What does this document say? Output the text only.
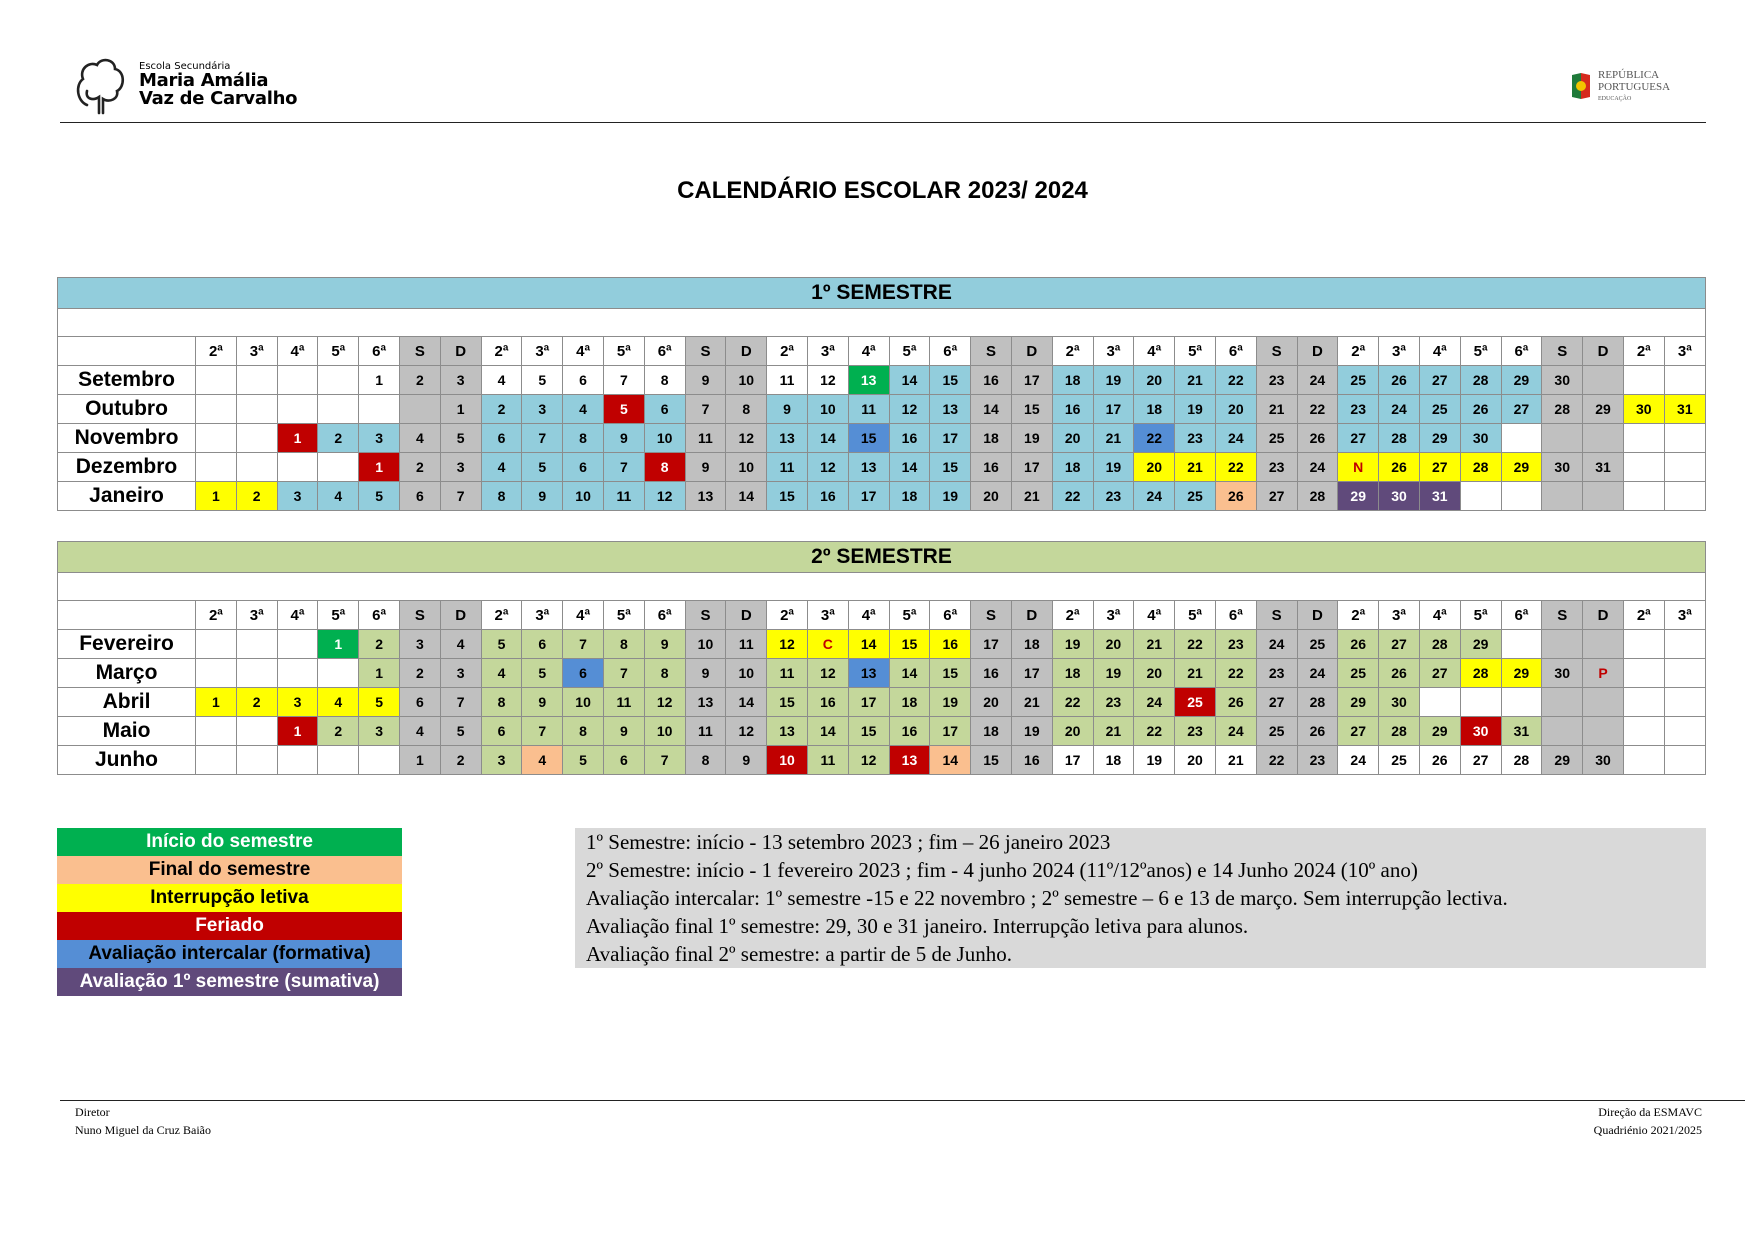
Escola Secundária
Maria Amália
Vaz de Carvalho
REPÚBLICA
PORTUGUESA
EDUCAÇÃO
CALENDÁRIO ESCOLAR 2023/ 2024
1º SEMESTRE																																					

	2ª	3ª	4ª	5ª	6ª	S	D	2ª	3ª	4ª	5ª	6ª	S	D	2ª	3ª	4ª	5ª	6ª	S	D	2ª	3ª	4ª	5ª	6ª	S	D	2ª	3ª	4ª	5ª	6ª	S	D	2ª	3ª
Setembro					1	2	3	4	5	6	7	8	9	10	11	12	13	14	15	16	17	18	19	20	21	22	23	24	25	26	27	28	29	30			
Outubro							1	2	3	4	5	6	7	8	9	10	11	12	13	14	15	16	17	18	19	20	21	22	23	24	25	26	27	28	29	30	31
Novembro			1	2	3	4	5	6	7	8	9	10	11	12	13	14	15	16	17	18	19	20	21	22	23	24	25	26	27	28	29	30					
Dezembro					1	2	3	4	5	6	7	8	9	10	11	12	13	14	15	16	17	18	19	20	21	22	23	24	N	26	27	28	29	30	31		
Janeiro	1	2	3	4	5	6	7	8	9	10	11	12	13	14	15	16	17	18	19	20	21	22	23	24	25	26	27	28	29	30	31						
2º SEMESTRE																																					

	2ª	3ª	4ª	5ª	6ª	S	D	2ª	3ª	4ª	5ª	6ª	S	D	2ª	3ª	4ª	5ª	6ª	S	D	2ª	3ª	4ª	5ª	6ª	S	D	2ª	3ª	4ª	5ª	6ª	S	D	2ª	3ª
Fevereiro				1	2	3	4	5	6	7	8	9	10	11	12	C	14	15	16	17	18	19	20	21	22	23	24	25	26	27	28	29					
Março					1	2	3	4	5	6	7	8	9	10	11	12	13	14	15	16	17	18	19	20	21	22	23	24	25	26	27	28	29	30	P		
Abril	1	2	3	4	5	6	7	8	9	10	11	12	13	14	15	16	17	18	19	20	21	22	23	24	25	26	27	28	29	30							
Maio			1	2	3	4	5	6	7	8	9	10	11	12	13	14	15	16	17	18	19	20	21	22	23	24	25	26	27	28	29	30	31				
Junho						1	2	3	4	5	6	7	8	9	10	11	12	13	14	15	16	17	18	19	20	21	22	23	24	25	26	27	28	29	30		
Início do semestre
Final do semestre
Interrupção letiva
Feriado
Avaliação intercalar (formativa)
Avaliação 1º semestre (sumativa)
1º Semestre: início - 13 setembro 2023 ; fim – 26 janeiro 2023
2º Semestre: início - 1 fevereiro 2023 ; fim - 4 junho 2024 (11º/12ºanos) e 14 Junho 2024 (10º ano)
Avaliação intercalar: 1º semestre -15 e 22 novembro ; 2º semestre – 6 e 13 de março. Sem interrupção lectiva.
Avaliação final 1º semestre: 29, 30 e 31 janeiro. Interrupção letiva para alunos.
Avaliação final 2º semestre: a partir de 5 de Junho.
Diretor
Nuno Miguel da Cruz Baião
Direção da ESMAVC
Quadriénio 2021/2025
